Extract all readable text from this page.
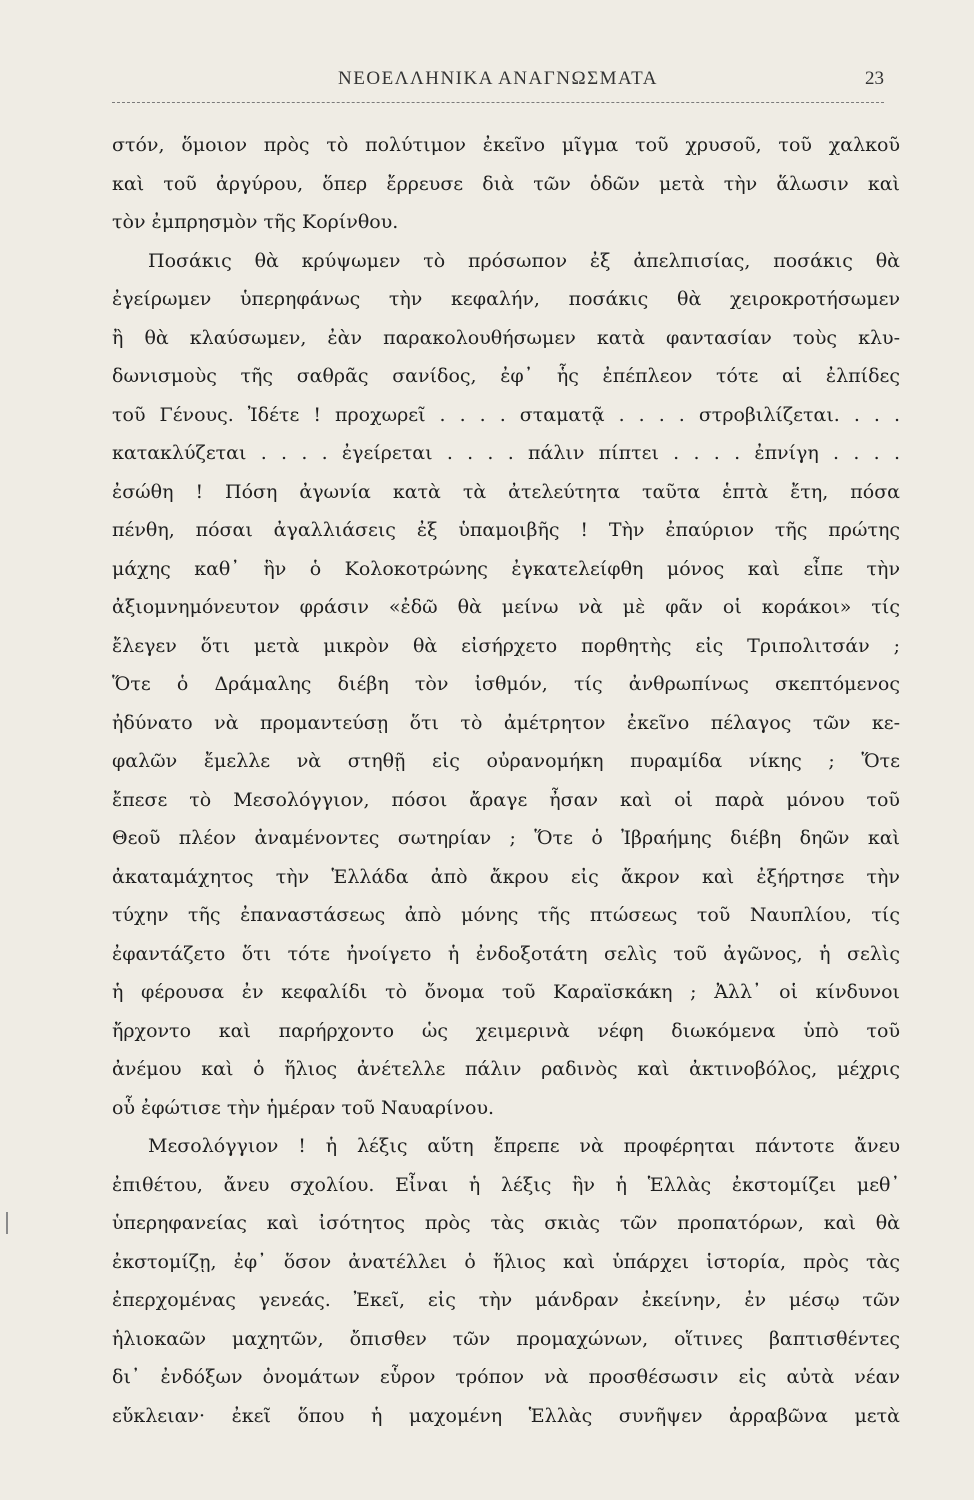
ΝΕΟΕΛΛΗΝΙΚΑ ΑΝΑΓΝΩΣΜΑΤΑ	23
στόν, ὅμοιον πρὸς τὸ πολύτιμον ἐκεῖνο μῖγμα τοῦ χρυσοῦ, τοῦ χαλκοῦ
καὶ τοῦ ἀργύρου, ὅπερ ἔρρευσε διὰ τῶν ὁδῶν μετὰ τὴν ἅλωσιν καὶ
τὸν ἐμπρησμὸν τῆς Κορίνθου.
Ποσάκις θὰ κρύψωμεν τὸ πρόσωπον ἐξ ἀπελπισίας, ποσάκις θὰ
ἐγείρωμεν ὑπερηφάνως τὴν κεφαλήν, ποσάκις θὰ χειροκροτήσωμεν
ἢ θὰ κλαύσωμεν, ἐὰν παρακολουθήσωμεν κατὰ φαντασίαν τοὺς κλυ-
δωνισμοὺς τῆς σαθρᾶς σανίδος, ἐφ᾿ ἧς ἐπέπλεον τότε αἱ ἐλπίδες
τοῦ Γένους. Ἰδέτε ! προχωρεῖ . . . . σταματᾷ . . . . στροβιλίζεται. . . .
κατακλύζεται . . . . ἐγείρεται . . . . πάλιν πίπτει . . . . ἐπνίγη . . . .
ἐσώθη ! Πόση ἀγωνία κατὰ τὰ ἀτελεύτητα ταῦτα ἑπτὰ ἔτη, πόσα
πένθη, πόσαι ἀγαλλιάσεις ἐξ ὑπαμοιβῆς ! Τὴν ἐπαύριον τῆς πρώτης
μάχης καθ᾿ ἣν ὁ Κολοκοτρώνης ἐγκατελείφθη μόνος καὶ εἶπε τὴν
ἀξιομνημόνευτον φράσιν «ἐδῶ θὰ μείνω νὰ μὲ φᾶν οἱ κοράκοι» τίς
ἔλεγεν ὅτι μετὰ μικρὸν θὰ εἰσήρχετο πορθητὴς εἰς Τριπολιτσάν ;
Ὅτε ὁ Δράμαλης διέβη τὸν ἰσθμόν, τίς ἀνθρωπίνως σκεπτόμενος
ἠδύνατο νὰ προμαντεύσῃ ὅτι τὸ ἀμέτρητον ἐκεῖνο πέλαγος τῶν κε-
φαλῶν ἔμελλε νὰ στηθῇ εἰς οὐρανομήκη πυραμίδα νίκης ; Ὅτε
ἔπεσε τὸ Μεσολόγγιον, πόσοι ἄραγε ἦσαν καὶ οἱ παρὰ μόνου τοῦ
Θεοῦ πλέον ἀναμένοντες σωτηρίαν ; Ὅτε ὁ Ἰβραήμης διέβη δηῶν καὶ
ἀκαταμάχητος τὴν Ἑλλάδα ἀπὸ ἄκρου εἰς ἄκρον καὶ ἐξήρτησε τὴν
τύχην τῆς ἐπαναστάσεως ἀπὸ μόνης τῆς πτώσεως τοῦ Ναυπλίου, τίς
ἐφαντάζετο ὅτι τότε ἠνοίγετο ἡ ἐνδοξοτάτη σελὶς τοῦ ἀγῶνος, ἡ σελὶς
ἡ φέρουσα ἐν κεφαλίδι τὸ ὄνομα τοῦ Καραϊσκάκη ; Ἀλλ᾿ οἱ κίνδυνοι
ἤρχοντο καὶ παρήρχοντο ὡς χειμερινὰ νέφη διωκόμενα ὑπὸ τοῦ
ἀνέμου καὶ ὁ ἥλιος ἀνέτελλε πάλιν ραδινὸς καὶ ἀκτινοβόλος, μέχρις
οὗ ἐφώτισε τὴν ἡμέραν τοῦ Ναυαρίνου.
Μεσολόγγιον ! ἡ λέξις αὕτη ἔπρεπε νὰ προφέρηται πάντοτε ἄνευ
ἐπιθέτου, ἄνευ σχολίου. Εἶναι ἡ λέξις ἣν ἡ Ἑλλὰς ἐκστομίζει μεθ᾿
ὑπερηφανείας καὶ ἰσότητος πρὸς τὰς σκιὰς τῶν προπατόρων, καὶ θὰ
ἐκστομίζῃ, ἐφ᾿ ὅσον ἀνατέλλει ὁ ἥλιος καὶ ὑπάρχει ἱστορία, πρὸς τὰς
ἐπερχομένας γενεάς. Ἐκεῖ, εἰς τὴν μάνδραν ἐκείνην, ἐν μέσῳ τῶν
ἡλιοκαῶν μαχητῶν, ὄπισθεν τῶν προμαχώνων, οἵτινες βαπτισθέντες
δι᾿ ἐνδόξων ὀνομάτων εὗρον τρόπον νὰ προσθέσωσιν εἰς αὐτὰ νέαν
εὔκλειαν· ἐκεῖ ὅπου ἡ μαχομένη Ἑλλὰς συνῆψεν ἀρραβῶνα μετὰ
